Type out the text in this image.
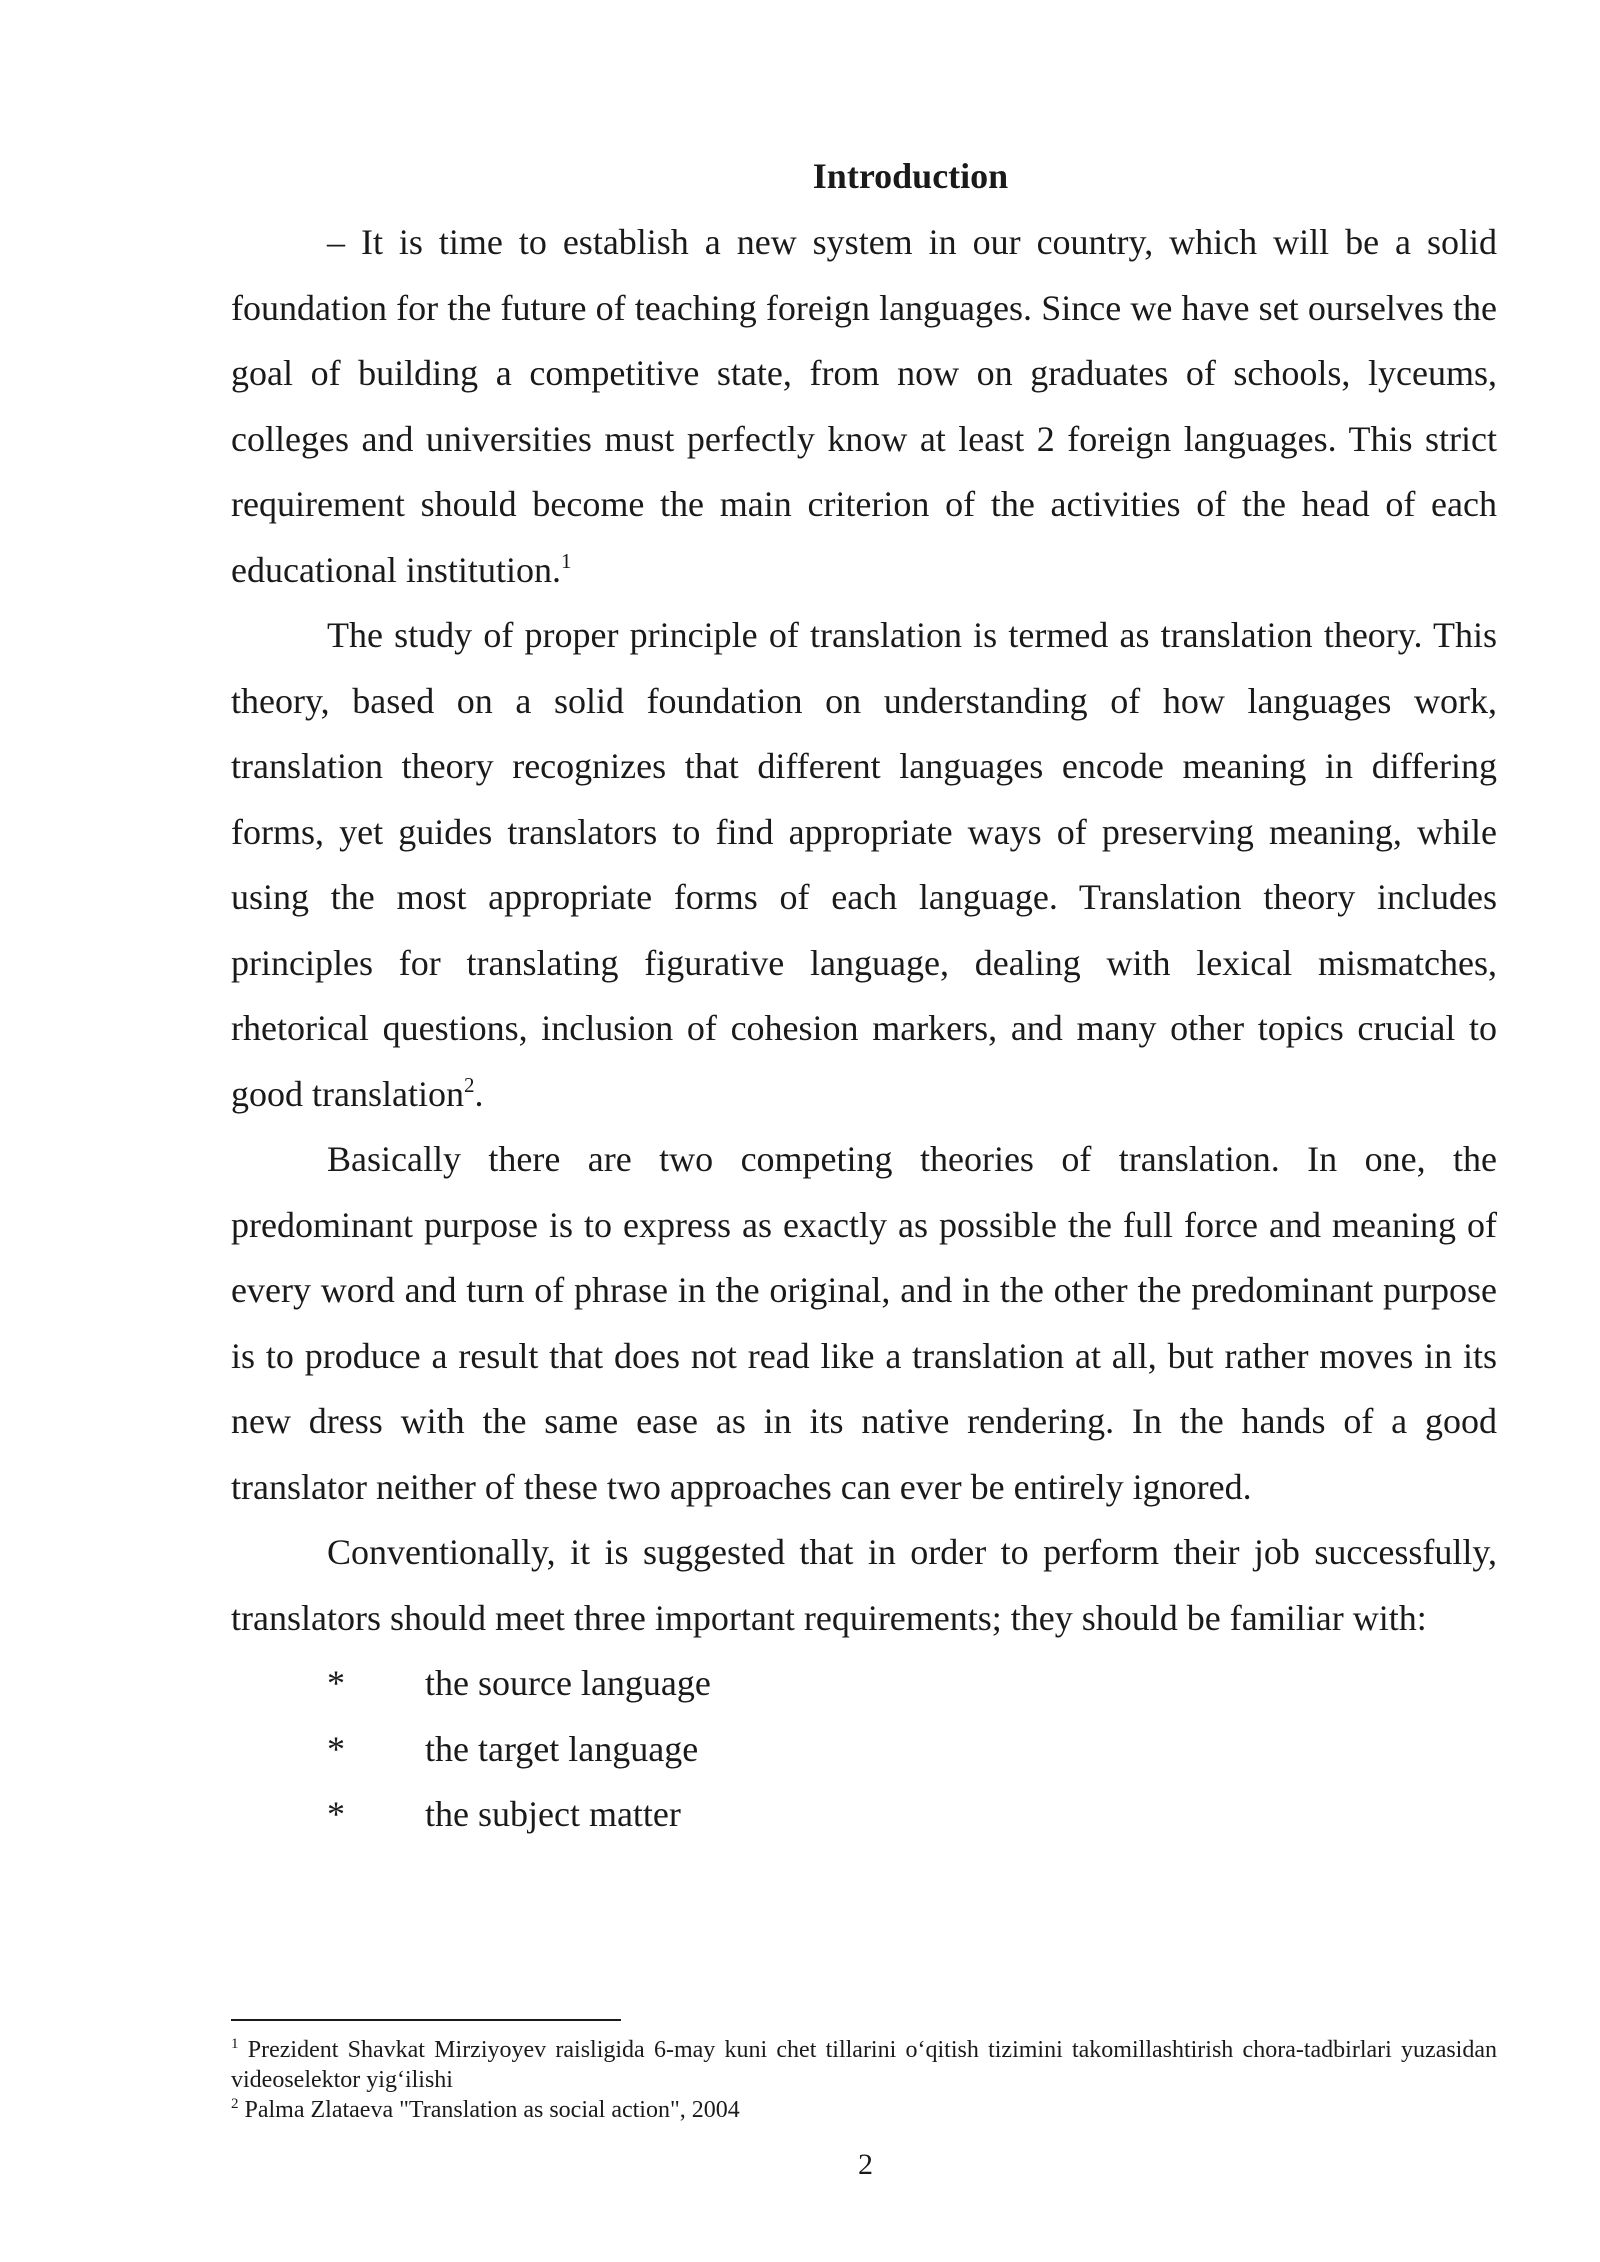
Introduction

– It is time to establish a new system in our country, which will be a solid foundation for the future of teaching foreign languages. Since we have set ourselves the goal of building a competitive state, from now on graduates of schools, lyceums, colleges and universities must perfectly know at least 2 foreign languages. This strict requirement should become the main criterion of the activities of the head of each educational institution.$^1$

The study of proper principle of translation is termed as translation theory. This theory, based on a solid foundation on understanding of how languages work, translation theory recognizes that different languages encode meaning in differing forms, yet guides translators to find appropriate ways of preserving meaning, while using the most appropriate forms of each language. Translation theory includes principles for translating figurative language, dealing with lexical mismatches, rhetorical questions, inclusion of cohesion markers, and many other topics crucial to good translation$^2$.

Basically there are two competing theories of translation. In one, the predominant purpose is to express as exactly as possible the full force and meaning of every word and turn of phrase in the original, and in the other the predominant purpose is to produce a result that does not read like a translation at all, but rather moves in its new dress with the same ease as in its native rendering. In the hands of a good translator neither of these two approaches can ever be entirely ignored.

Conventionally, it is suggested that in order to perform their job successfully, translators should meet three important requirements; they should be familiar with:

* the source language
* the target language
* the subject matter

$^1$ Prezident Shavkat Mirziyoyev raisligida 6-may kuni chet tillarini o‘qitish tizimini takomillashtirish chora-tadbirlari yuzasidan videoselektor yig‘ilishi

$^2$ Palma Zlataeva "Translation as social action", 2004

2
